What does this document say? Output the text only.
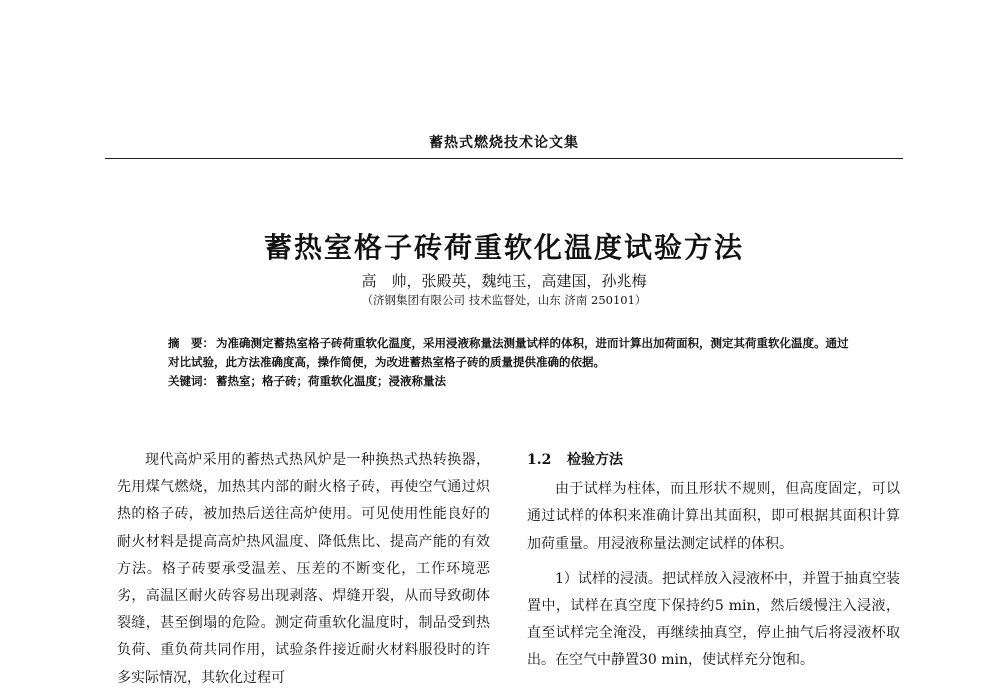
蓄热式燃烧技术论文集
蓄热室格子砖荷重软化温度试验方法
高　帅，张殿英，魏纯玉，高建国，孙兆梅
（济钢集团有限公司 技术监督处，山东 济南 250101）
摘　要： 为准确测定蓄热室格子砖荷重软化温度，采用浸液称量法测量试样的体积，进而计算出加荷面积，测定其荷重软化温度。通过对比试验，此方法准确度高，操作简便，为改进蓄热室格子砖的质量提供准确的依据。
关键词： 蓄热室；格子砖；荷重软化温度；浸液称量法

现代高炉采用的蓄热式热风炉是一种换热式热转换器，先用煤气燃烧，加热其内部的耐火格子砖，再使空气通过炽热的格子砖，被加热后送往高炉使用。可见使用性能良好的耐火材料是提高高炉热风温度、降低焦比、提高产能的有效方法。格子砖要承受温差、压差的不断变化，工作环境恶劣，高温区耐火砖容易出现剥落、焊缝开裂，从而导致砌体裂缝，甚至倒塌的危险。测定荷重软化温度时，制品受到热负荷、重负荷共同作用，试验条件接近耐火材料服役时的许多实际情况，其软化过程可

1.2 检验方法

由于试样为柱体，而且形状不规则，但高度固定，可以通过试样的体积来准确计算出其面积，即可根据其面积计算加荷重量。用浸液称量法测定试样的体积。

1）试样的浸渍。把试样放入浸液杯中，并置于抽真空装置中，试样在真空度下保持约5 min，然后缓慢注入浸液，直至试样完全淹没，再继续抽真空，停止抽气后将浸液杯取出。在空气中静置30 min，使试样充分饱和。
